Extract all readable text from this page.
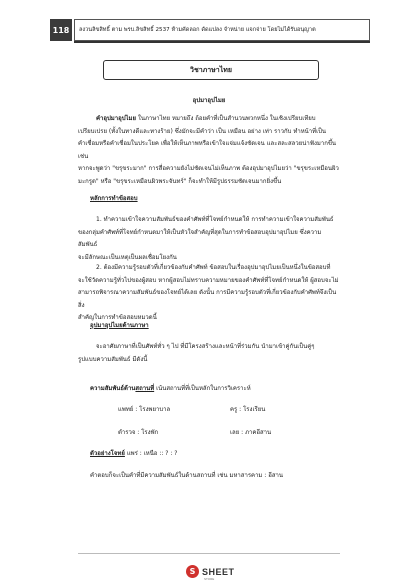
118	ลงวนลิขสิทธิ์ ตาม พรบ.ลิขสิทธิ์ 2537 ห้ามคัดลอก ดัดแปลง จำหน่าย แจกจ่าย โดยไม่ได้รับอนุญาต
วิชาภาษาไทย
อุปมาอุปไมย
คำอุปมาอุปไมย ในภาษาไทย หมายถึง ถ้อยคำที่เป็นสำนวนพวกหนึ่ง ในเชิงเปรียบเทียบ
เปรียบเปรย (ทั้งในทางดีและทางร้าย) ซึ่งมักจะมีคำว่า เป็น เหมือน อย่าง เท่า ราวกับ ทำหน้าที่เป็น
คำเชื่อมหรือคำเชื่อมในประโยค เพื่อให้เห็นภาพหรือเข้าใจแจ่มแจ้งชัดเจน และสละสลวยน่าฟังมากขึ้น เช่น
หากจะพูดว่า "ขรุขระมาก" การสื่อความยังไม่ชัดเจนไม่เห็นภาพ ต้องอุปมาอุปไมยว่า "ขรุขระเหมือนผิว
มะกรูด" หรือ "ขรุขระเหมือนผิวพระจันทร์" ก็จะทำให้มีรูปธรรมชัดเจนมากยิ่งขึ้น
หลักการทำข้อสอบ
1. ทำความเข้าใจความสัมพันธ์ของคำศัพท์ที่โจทย์กำหนดให้ การทำความเข้าใจความสัมพันธ์
ของกลุ่มคำศัพท์ที่โจทย์กำหนดมาให้เป็นหัวใจสำคัญที่สุดในการทำข้อสอบอุปมาอุปไมย ซึ่งความสัมพันธ์
จะมีลักษณะเป็นเหตุเป็นผลเชื่อมโยงกัน
2. ต้องมีความรู้รอบตัวที่เกี่ยวข้องกับคำศัพท์ ข้อสอบในเรื่องอุปมาอุปไมยเป็นหนึ่งในข้อสอบที่
จะใช้วัดความรู้ทั่วไปของผู้สอบ หากผู้สอบไม่ทราบความหมายของคำศัพท์ที่โจทย์กำหนดให้ ผู้สอบจะไม่
สามารถพิจารณาความสัมพันธ์ของโจทย์ได้เลย ดังนั้น การมีความรู้รอบตัวที่เกี่ยวข้องกับคำศัพท์จึงเป็นสิ่ง
สำคัญในการทำข้อสอบหมวดนี้
อุปมาอุปไมยด้านภาษา
จะอาศัยภาษาที่เป็นศัพท์ทั่ว ๆ ไป ที่มีโครงสร้างและหน้าที่ร่วมกัน นำมาเข้าคู่กันเป็นคู่ๆ
รูปแบบความสัมพันธ์ มีดังนี้
ความสัมพันธ์ด้านสถานที่ เน้นสถานที่ที่เป็นหลักในการวิเคราะห์
แพทย์ : โรงพยาบาล	ครู : โรงเรียน
ตำรวจ : โรงพัก	เลย : ภาคอีสาน
ตัวอย่างโจทย์ แพร่ : เหนือ :: ? : ?
คำตอบก็จะเป็นคำที่มีความสัมพันธ์ในด้านสถานที่ เช่น มหาสารคาม : อีสาน
S SHEET
STORE
